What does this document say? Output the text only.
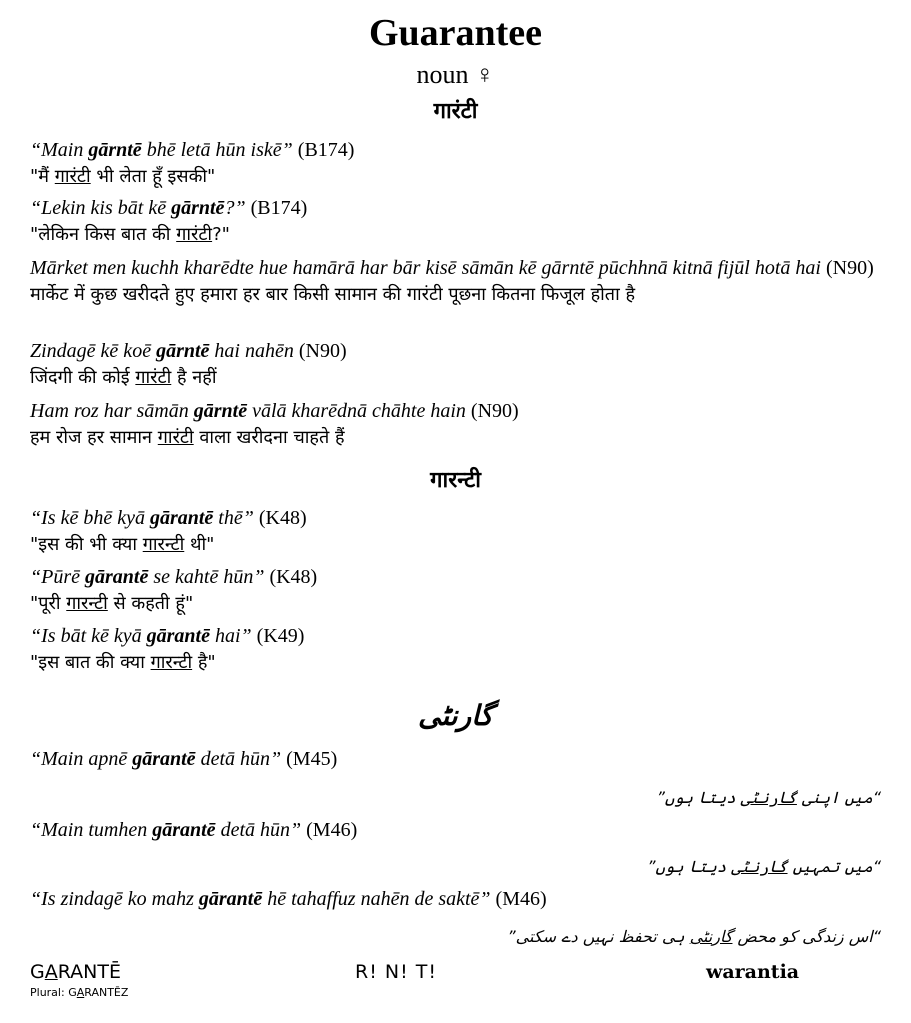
Guarantee
noun ♀
गारंटी
“Main gārntē bhē letā hūn iskē” (B174)
"मैं गारंटी भी लेता हूँ इसकी"
“Lekin kis bāt kē gārntē?” (B174)
"लेकिन किस बात की गारंटी?"
Mārket men kuchh kharēdte hue hamārā har bār kisē sāmān kē gārntē pūchhnā kitnā fijūl hotā hai (N90)
मार्केट में कुछ खरीदते हुए हमारा हर बार किसी सामान की गारंटी पूछना कितना फिजूल होता है
Zindagē kē koē gārntē hai nahēn (N90)
जिंदगी की कोई गारंटी है नहीं
Ham roz har sāmān gārntē vālā kharēdnā chāhte hain (N90)
हम रोज हर सामान गारंटी वाला खरीदना चाहते हैं
गारन्टी
“Is kē bhē kyā gārantē thē” (K48)
"इस की भी क्या गारन्टी थी"
“Pūrē gārantē se kahtē hūn” (K48)
"पूरी गारन्टी से कहती हूं"
“Is bāt kē kyā gārantē hai” (K49)
"इस बात की क्या गारन्टी है"
گارنٹی
“Main apnē gārantē detā hūn” (M45)
“میں اپنی گارنٹی دیتا ہوں”
“Main tumhen gārantē detā hūn” (M46)
“میں تمہیں گارنٹی دیتا ہوں”
“Is zindagē ko mahz gārantē hē tahaffuz nahēn de saktē” (M46)
“اس زندگی کو محض گارنٹی ہی تحفظ نہیں دے سکتی”
GARANTĒ
Plural: GARANTĒZ
R! N! T!	warantia
